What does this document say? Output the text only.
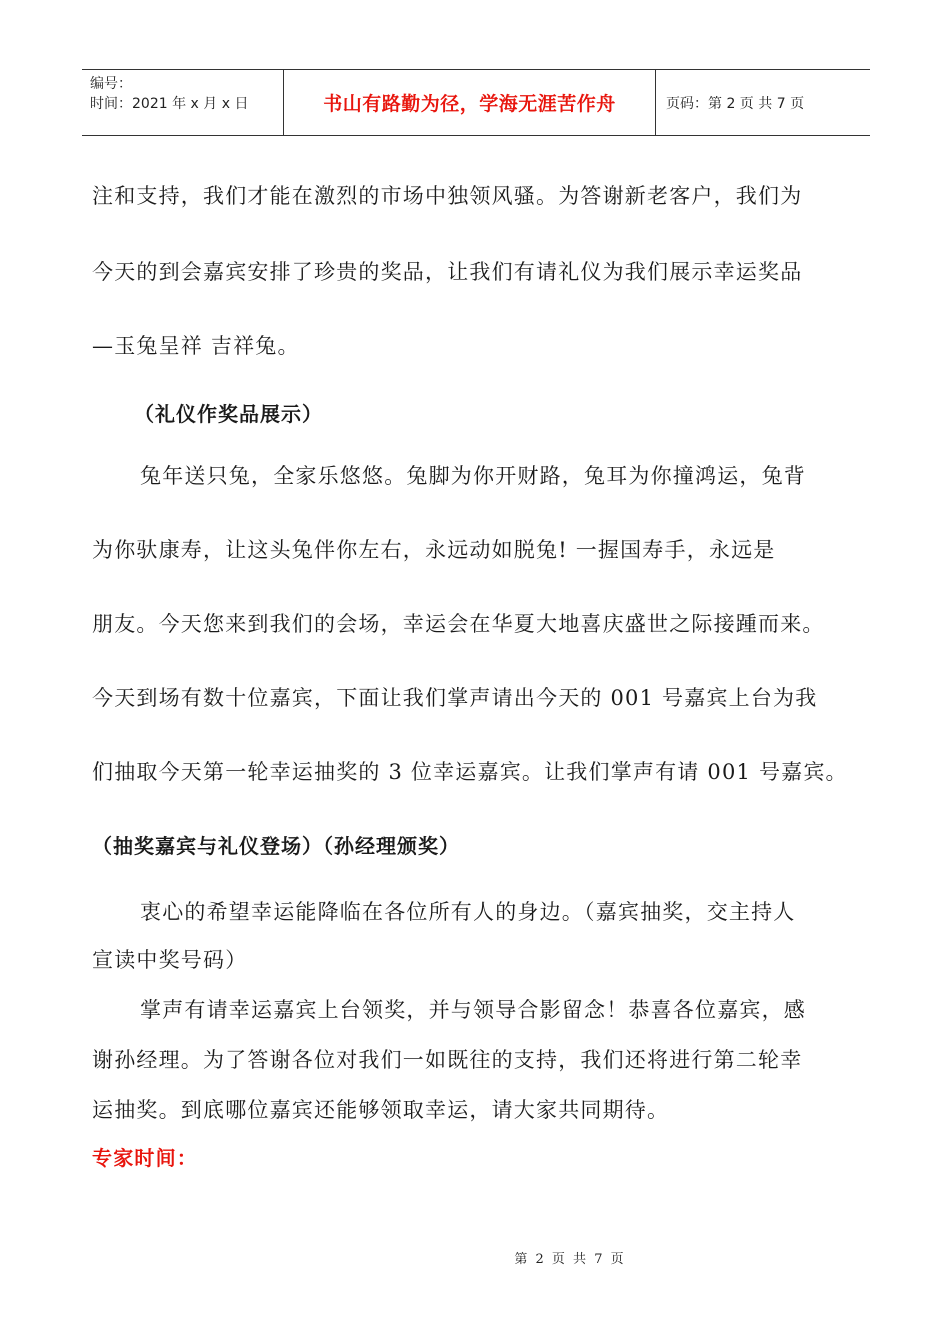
编号：
时间：2021 年 x 月 x 日	书山有路勤为径，学海无涯苦作舟	页码：第 2 页 共 7 页

注和支持，我们才能在激烈的市场中独领风骚。为答谢新老客户，我们为

今天的到会嘉宾安排了珍贵的奖品，让我们有请礼仪为我们展示幸运奖品

—玉兔呈祥 吉祥兔。

（礼仪作奖品展示）

兔年送只兔，全家乐悠悠。兔脚为你开财路，兔耳为你撞鸿运，兔背

为你驮康寿，让这头兔伴你左右，永远动如脱兔! 一握国寿手，永远是

朋友。今天您来到我们的会场，幸运会在华夏大地喜庆盛世之际接踵而来。

今天到场有数十位嘉宾，下面让我们掌声请出今天的 001 号嘉宾上台为我

们抽取今天第一轮幸运抽奖的 3 位幸运嘉宾。让我们掌声有请 001 号嘉宾。

（抽奖嘉宾与礼仪登场）（孙经理颁奖）

衷心的希望幸运能降临在各位所有人的身边。（嘉宾抽奖，交主持人

宣读中奖号码）

掌声有请幸运嘉宾上台领奖，并与领导合影留念！恭喜各位嘉宾，感

谢孙经理。为了答谢各位对我们一如既往的支持，我们还将进行第二轮幸

运抽奖。到底哪位嘉宾还能够领取幸运，请大家共同期待。

专家时间：

第 2 页 共 7 页
